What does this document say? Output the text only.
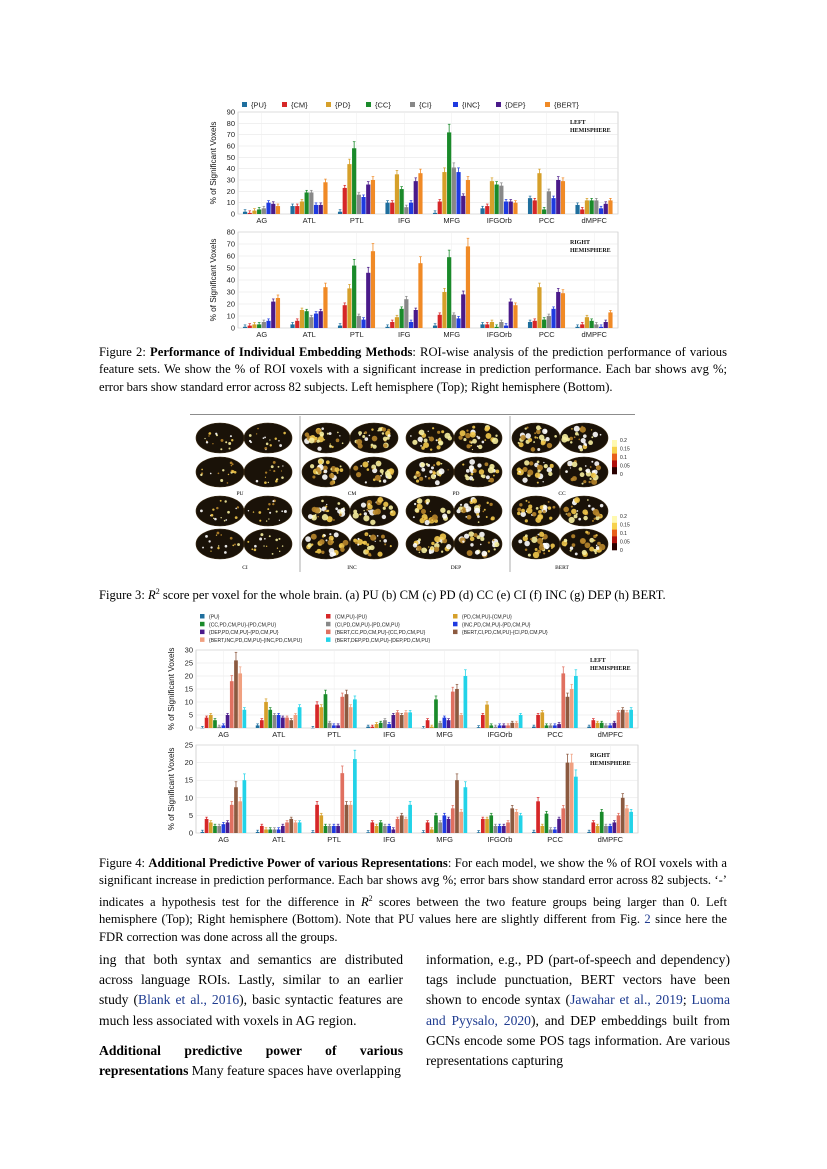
{PU}	{CM}	{PD}	{CC}	{CI}	{INC}	{DEP}	{BERT}
0
10
20
30
40
50
60
70
80
90
AG	ATL	PTL	IFG	MFG	IFGOrb	PCC	dMPFC
LEFT
HEMISPHERE
% of Significant Voxels
0
10
20
30
40
50
60
70
80
AG	ATL	PTL	IFG	MFG	IFGOrb	PCC	dMPFC
RIGHT
HEMISPHERE
% of Significant Voxels
Figure 2: Performance of Individual Embedding Methods: ROI-wise analysis of the prediction performance of various feature sets. We show the % of ROI voxels with a significant increase in prediction performance. Each bar shows avg %; error bars show standard error across 82 subjects. Left hemisphere (Top); Right hemisphere (Bottom).
PU	CM	PD	CC
CI	INC	DEP	BERT
0.2
0.15
0.1
0.05
0
0.2
0.15
0.1
0.05
0
Figure 3: $R^2$ score per voxel for the whole brain. (a) PU (b) CM (c) PD (d) CC (e) CI (f) INC (g) DEP (h) BERT.
{PU}	{CM,PU}-{PU}	{PD,CM,PU}-{CM,PU}
{CC,PD,CM,PU}-{PD,CM,PU}	{CI,PD,CM,PU}-{PD,CM,PU}	{INC,PD,CM,PU}-{PD,CM,PU}
{DEP,PD,CM,PU}-{PD,CM,PU}	{BERT,CC,PD,CM,PU}-{CC,PD,CM,PU}	{BERT,CI,PD,CM,PU}-{CI,PD,CM,PU}
{BERT,INC,PD,CM,PU}-{INC,PD,CM,PU}	{BERT,DEP,PD,CM,PU}-{DEP,PD,CM,PU}
0
5
10
15
20
25
30
AG	ATL	PTL	IFG	MFG	IFGOrb	PCC	dMPFC
LEFT
HEMISPHERE
% of Significant Voxels
0
5
10
15
20
25
AG	ATL	PTL	IFG	MFG	IFGOrb	PCC	dMPFC
RIGHT
HEMISPHERE
% of Significant Voxels
Figure 4: Additional Predictive Power of various Representations: For each model, we show the % of ROI voxels with a significant increase in prediction performance. Each bar shows avg %; error bars show standard error across 82 subjects. ‘-’ indicates a hypothesis test for the difference in $R^2$ scores between the two feature groups being larger than 0. Left hemisphere (Top); Right hemisphere (Bottom). Note that PU values here are slightly different from Fig. 2 since here the FDR correction was done across all the groups.

ing that both syntax and semantics are distributed across language ROIs. Lastly, similar to an earlier study (Blank et al., 2016), basic syntactic features are much less associated with voxels in AG region.

Additional predictive power of various representations Many feature spaces have overlapping

information, e.g., PD (part-of-speech and dependency) tags include punctuation, BERT vectors have been shown to encode syntax (Jawahar et al., 2019; Luoma and Pyysalo, 2020), and DEP embeddings built from GCNs encode some POS tags information. Are various representations capturing
